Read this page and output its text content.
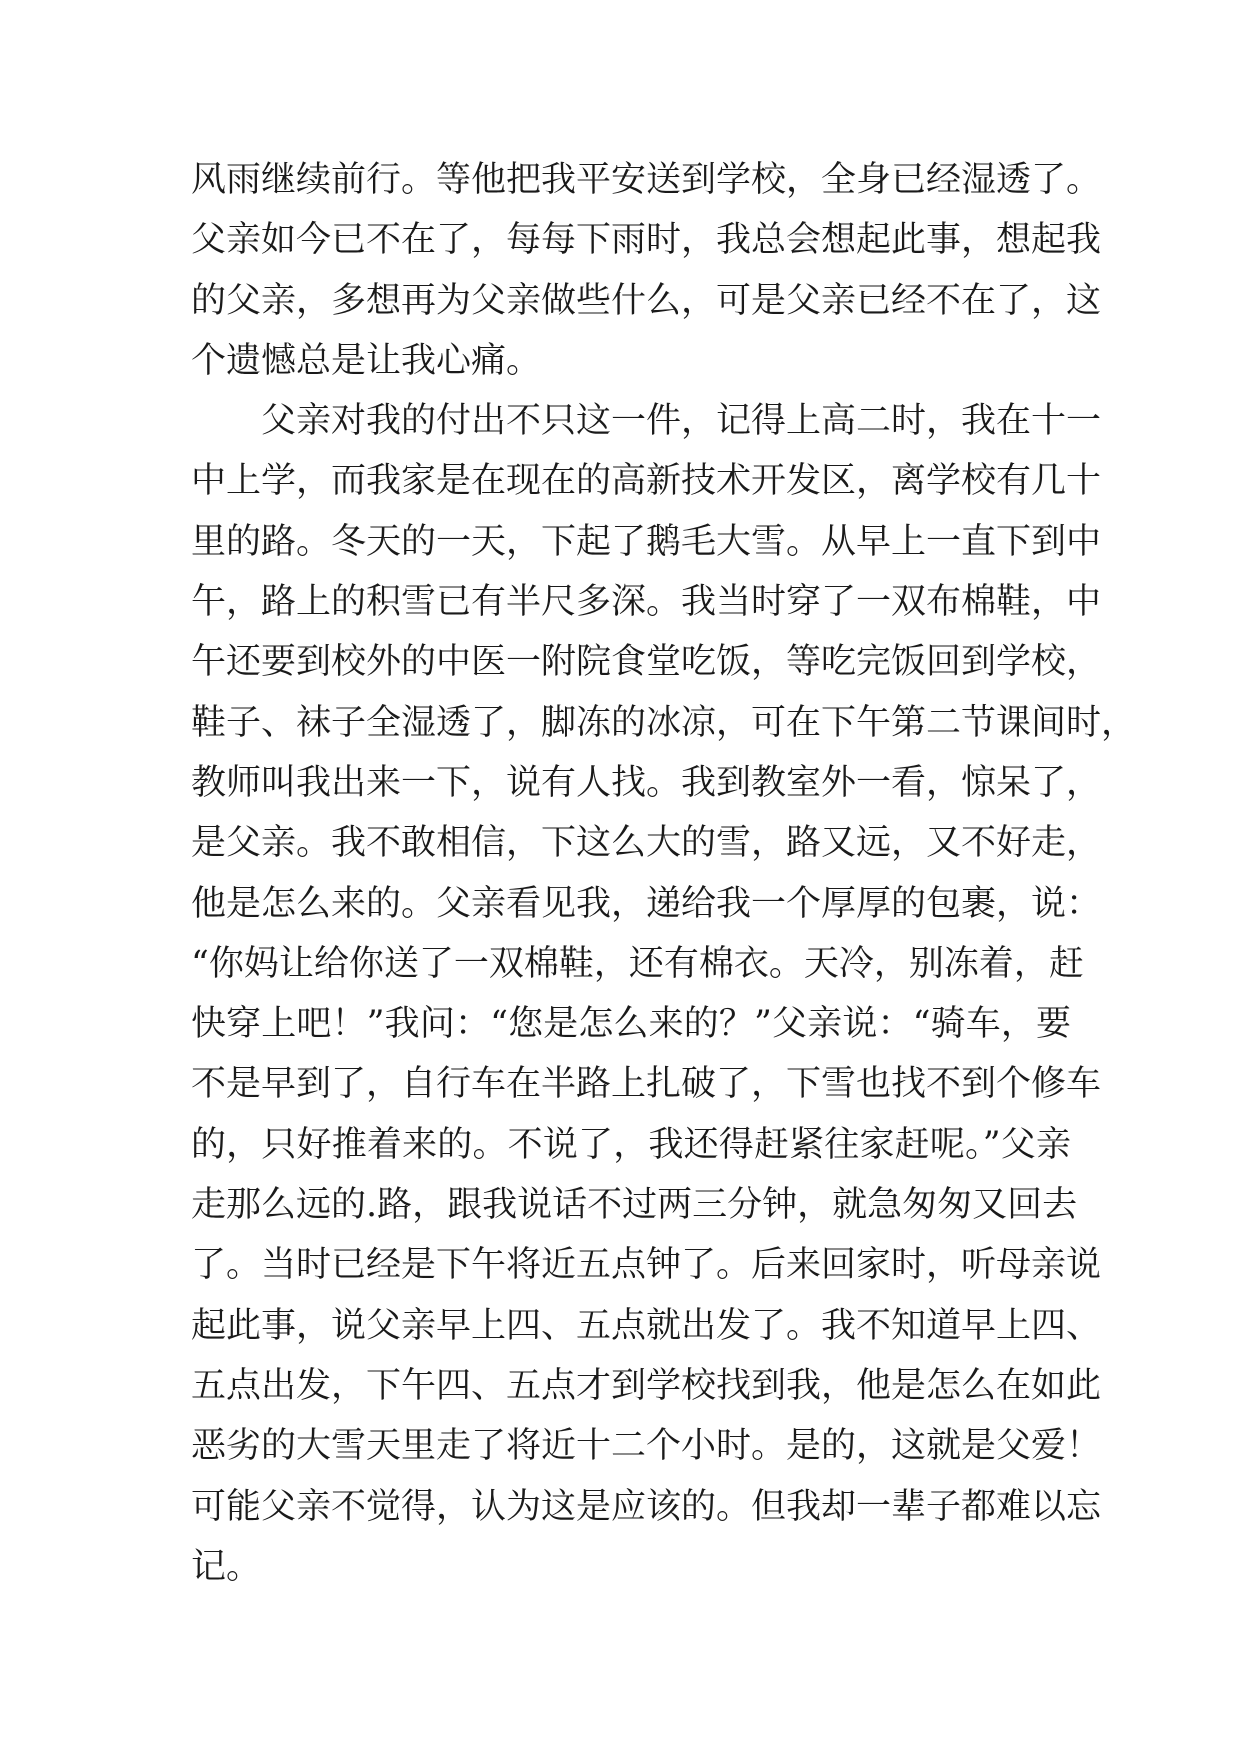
风雨继续前行。等他把我平安送到学校，全身已经湿透了。
父亲如今已不在了，每每下雨时，我总会想起此事，想起我
的父亲，多想再为父亲做些什么，可是父亲已经不在了，这
个遗憾总是让我心痛。
父亲对我的付出不只这一件，记得上高二时，我在十一
中上学，而我家是在现在的高新技术开发区，离学校有几十
里的路。冬天的一天，下起了鹅毛大雪。从早上一直下到中
午，路上的积雪已有半尺多深。我当时穿了一双布棉鞋，中
午还要到校外的中医一附院食堂吃饭，等吃完饭回到学校，
鞋子、袜子全湿透了，脚冻的冰凉，可在下午第二节课间时，
教师叫我出来一下，说有人找。我到教室外一看，惊呆了，
是父亲。我不敢相信，下这么大的雪，路又远，又不好走，
他是怎么来的。父亲看见我，递给我一个厚厚的包裹，说：
“你妈让给你送了一双棉鞋，还有棉衣。天冷，别冻着，赶
快穿上吧！”我问：“您是怎么来的？”父亲说：“骑车，要
不是早到了，自行车在半路上扎破了，下雪也找不到个修车
的，只好推着来的。不说了，我还得赶紧往家赶呢。”父亲
走那么远的.路，跟我说话不过两三分钟，就急匆匆又回去
了。当时已经是下午将近五点钟了。后来回家时，听母亲说
起此事，说父亲早上四、五点就出发了。我不知道早上四、
五点出发，下午四、五点才到学校找到我，他是怎么在如此
恶劣的大雪天里走了将近十二个小时。是的，这就是父爱！
可能父亲不觉得，认为这是应该的。但我却一辈子都难以忘
记。
